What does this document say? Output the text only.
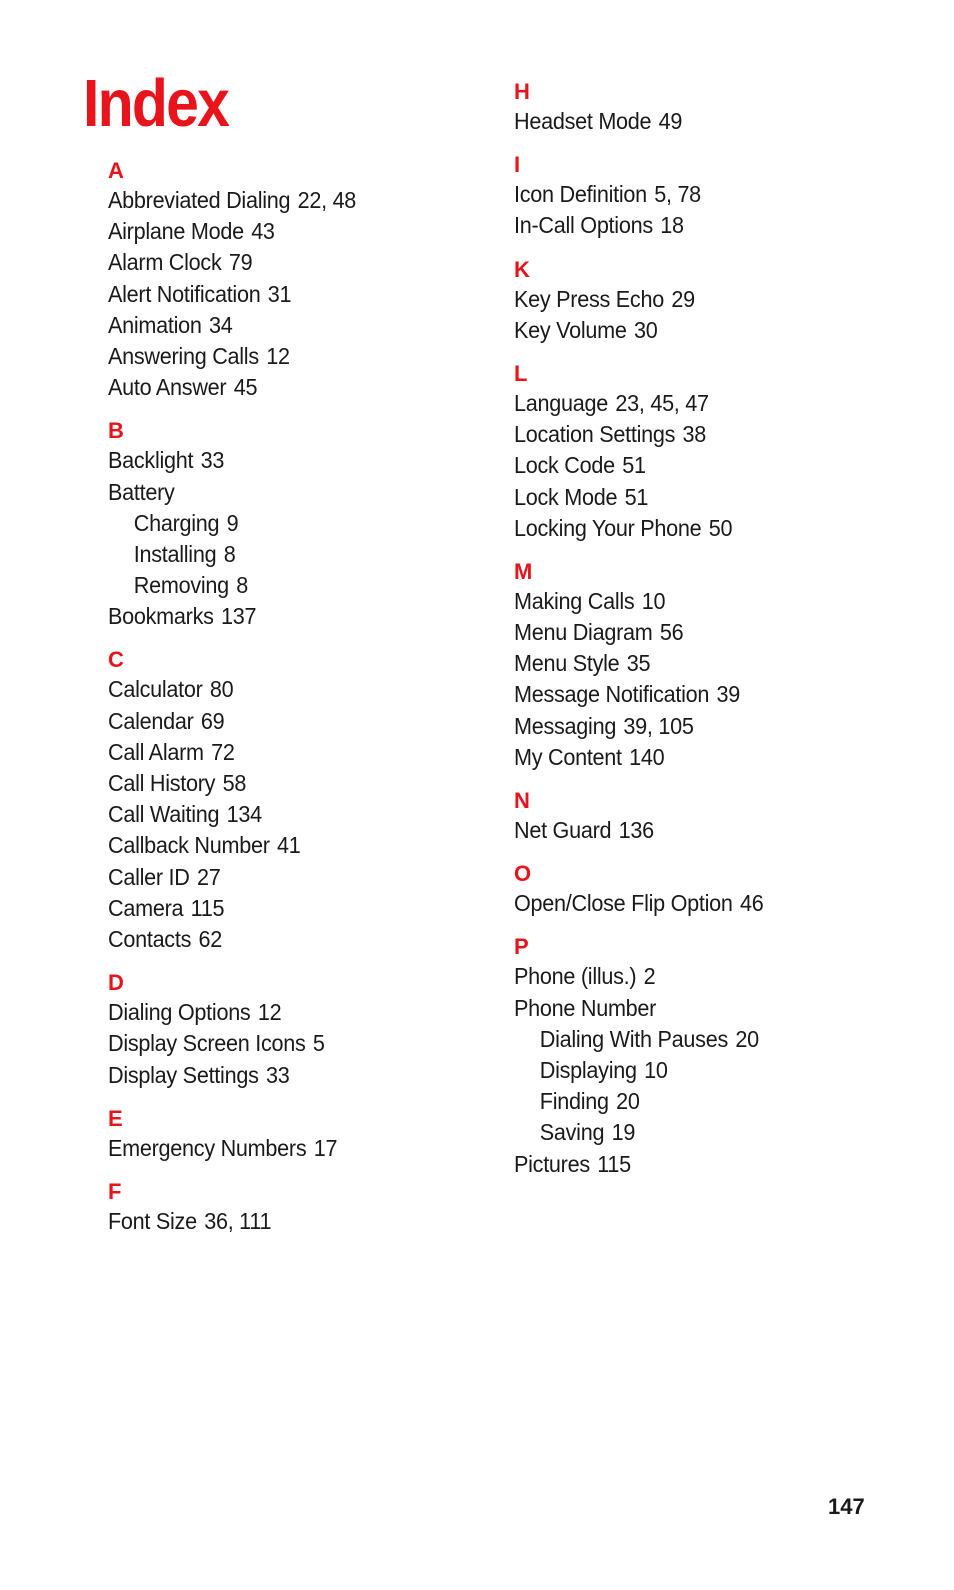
Index
A
Abbreviated Dialing 22, 48
Airplane Mode 43
Alarm Clock 79
Alert Notification 31
Animation 34
Answering Calls 12
Auto Answer 45
B
Backlight 33
Battery
Charging 9
Installing 8
Removing 8
Bookmarks 137
C
Calculator 80
Calendar 69
Call Alarm 72
Call History 58
Call Waiting 134
Callback Number 41
Caller ID 27
Camera 115
Contacts 62
D
Dialing Options 12
Display Screen Icons 5
Display Settings 33
E
Emergency Numbers 17
F
Font Size 36, 111
H
Headset Mode 49
I
Icon Definition 5, 78
In-Call Options 18
K
Key Press Echo 29
Key Volume 30
L
Language 23, 45, 47
Location Settings 38
Lock Code 51
Lock Mode 51
Locking Your Phone 50
M
Making Calls 10
Menu Diagram 56
Menu Style 35
Message Notification 39
Messaging 39, 105
My Content 140
N
Net Guard 136
O
Open/Close Flip Option 46
P
Phone (illus.) 2
Phone Number
Dialing With Pauses 20
Displaying 10
Finding 20
Saving 19
Pictures 115
147
